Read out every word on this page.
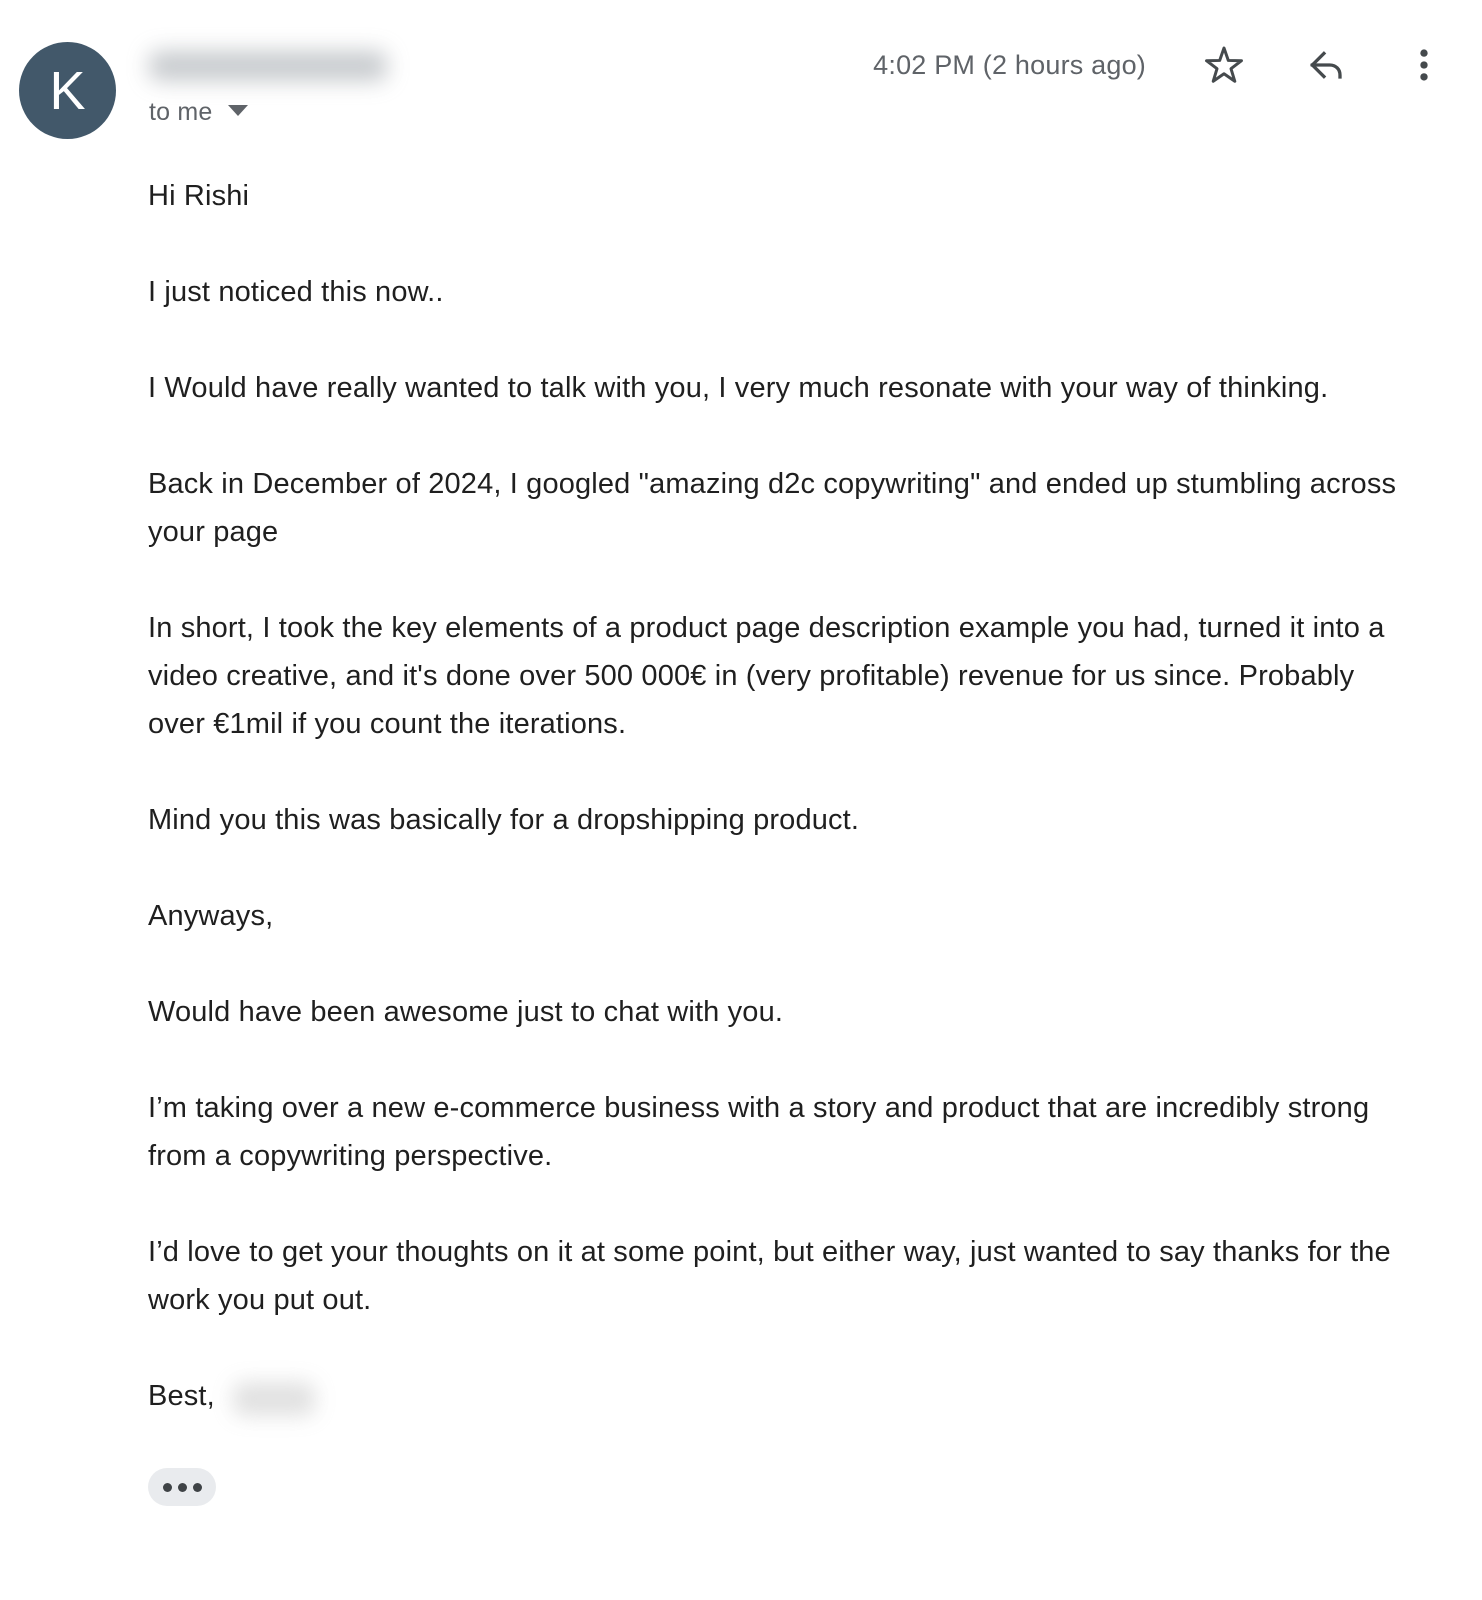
K	4:02 PM (2 hours ago)
to me

Hi Rishi

I just noticed this now..

I Would have really wanted to talk with you, I very much resonate with your way of thinking.

Back in December of 2024, I googled "amazing d2c copywriting" and ended up stumbling across your page

In short, I took the key elements of a product page description example you had, turned it into a video creative, and it's done over 500 000€ in (very profitable) revenue for us since. Probably over €1mil if you count the iterations.

Mind you this was basically for a dropshipping product.

Anyways,

Would have been awesome just to chat with you.

I’m taking over a new e-commerce business with a story and product that are incredibly strong from a copywriting perspective.

I’d love to get your thoughts on it at some point, but either way, just wanted to say thanks for the work you put out.

Best,
